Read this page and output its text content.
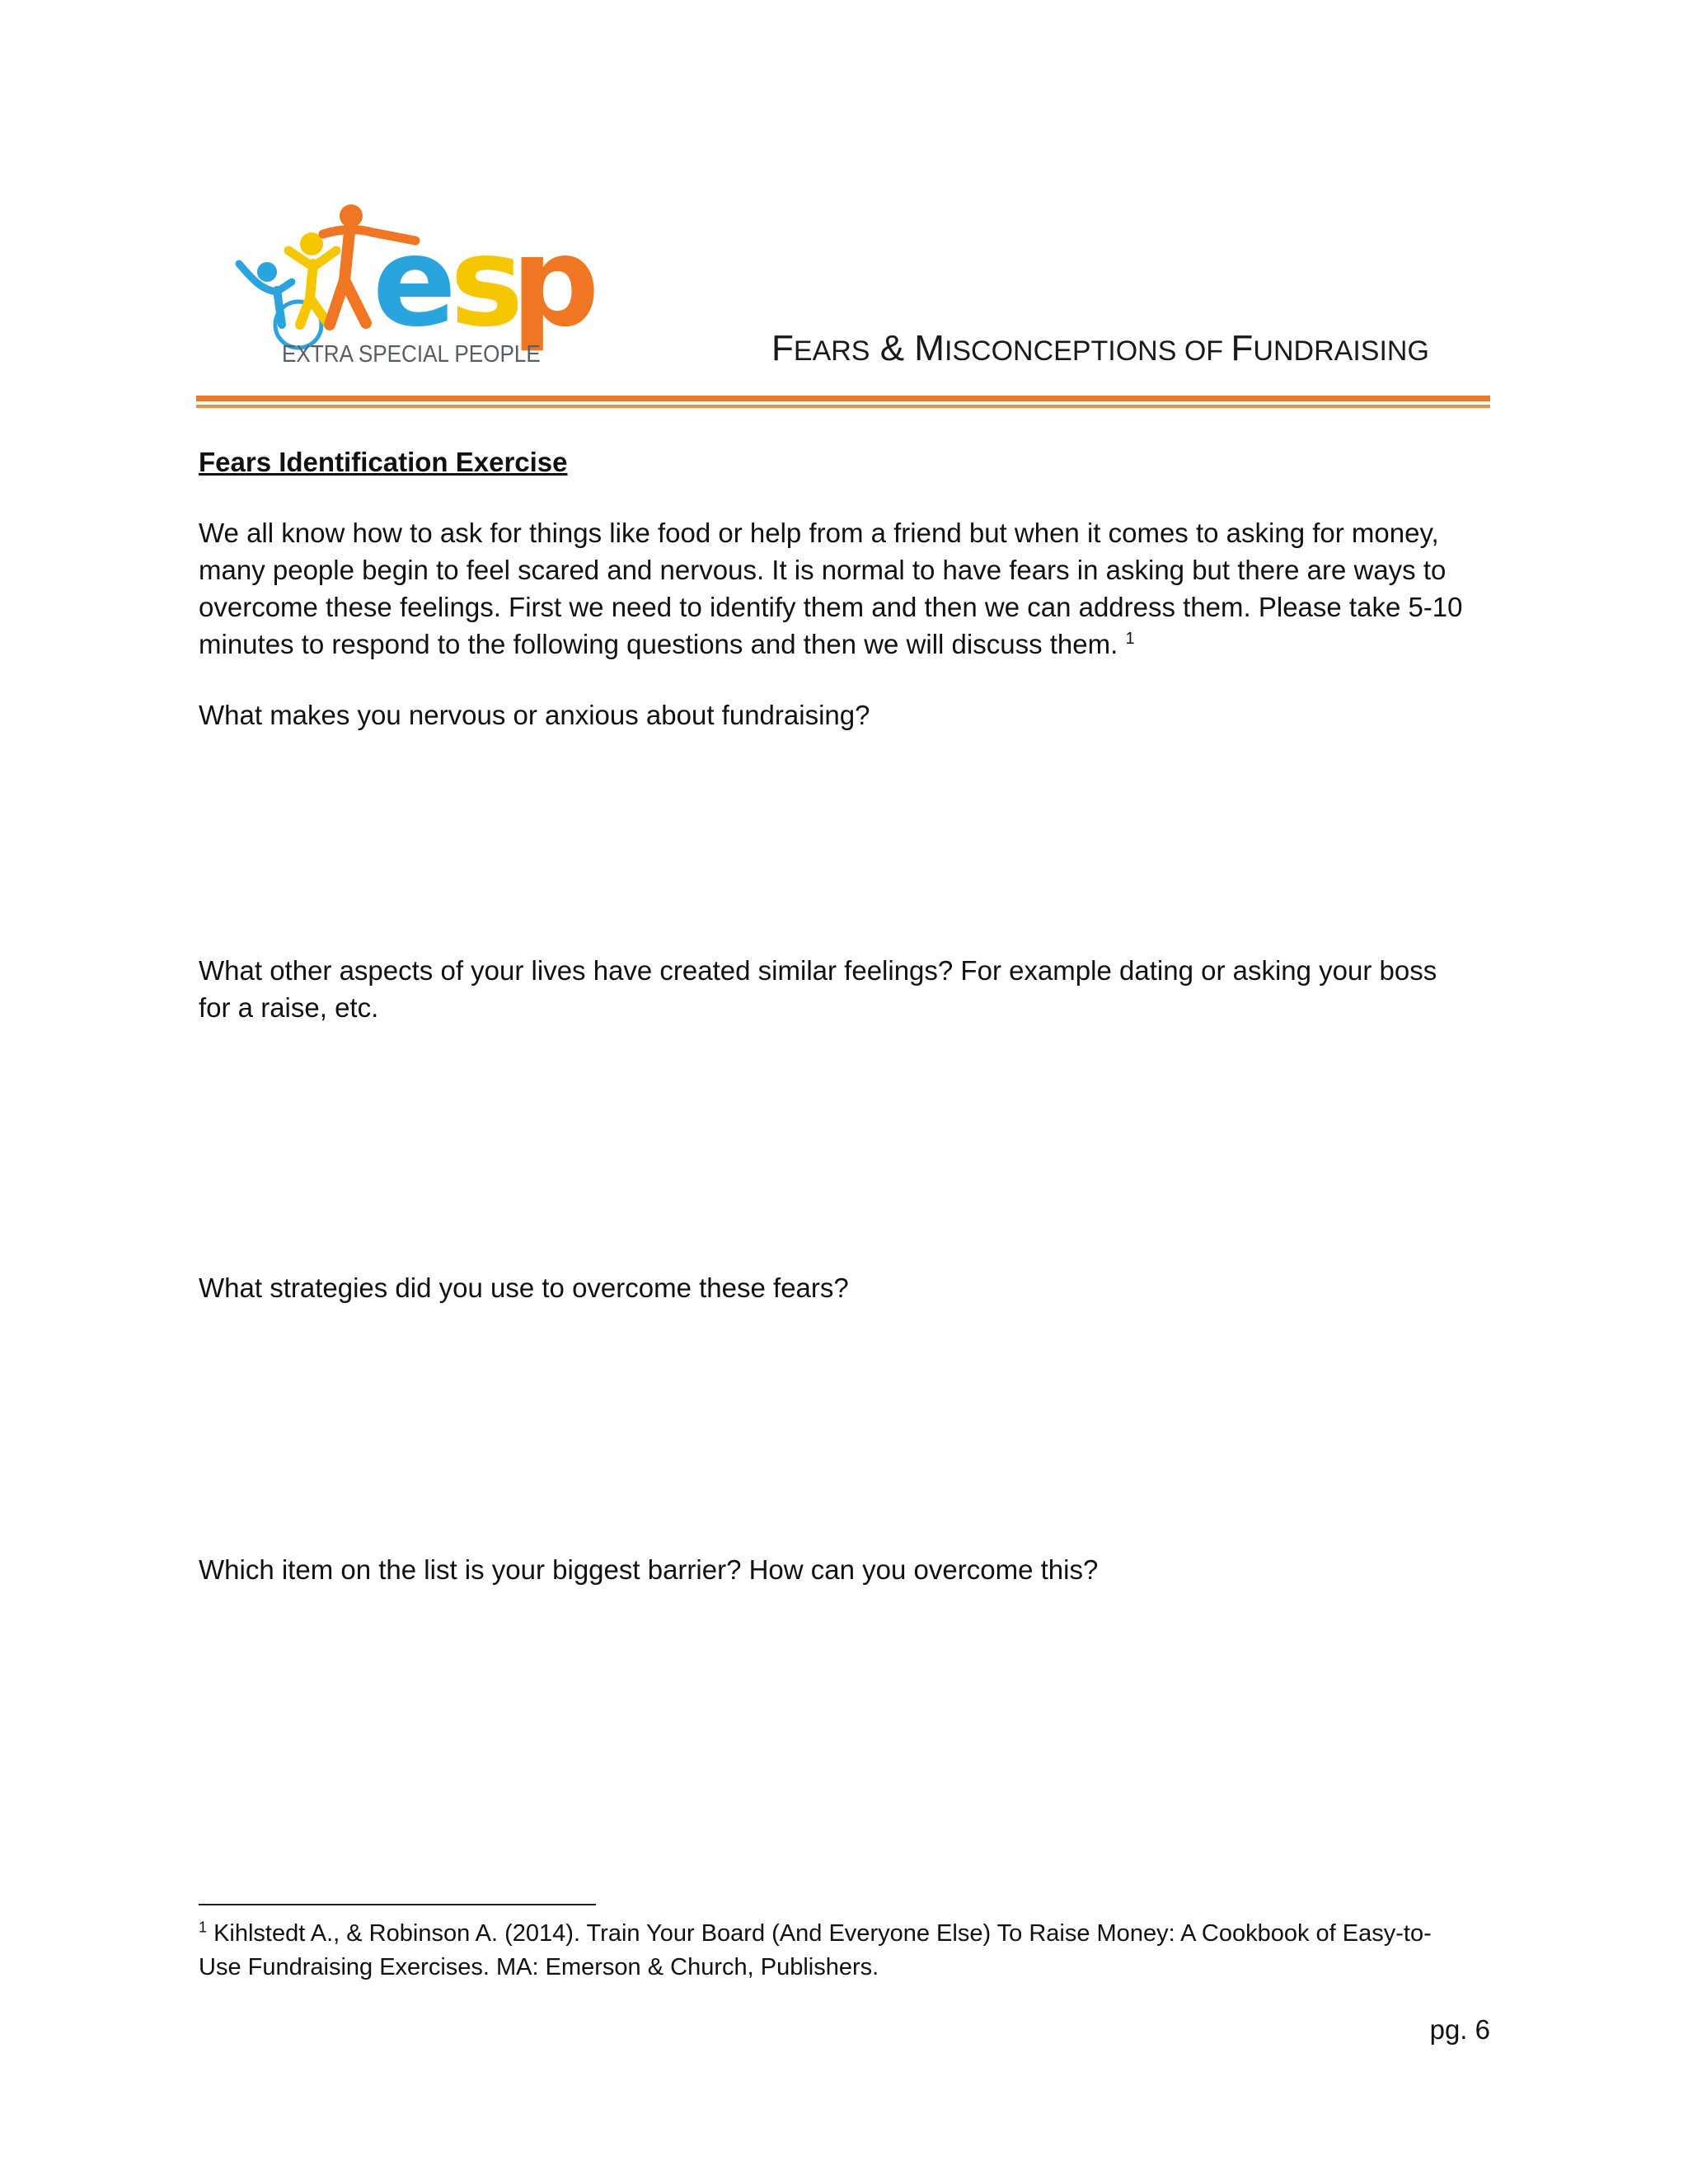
e
s
p
EXTRA SPECIAL PEOPLE	FEARS & MISCONCEPTIONS OF FUNDRAISING
Fears Identification Exercise
We all know how to ask for things like food or help from a friend but when it comes to asking for money,
many people begin to feel scared and nervous. It is normal to have fears in asking but there are ways to
overcome these feelings. First we need to identify them and then we can address them. Please take 5-10
minutes to respond to the following questions and then we will discuss them. $^1$
What makes you nervous or anxious about fundraising?
What other aspects of your lives have created similar feelings? For example dating or asking your boss
for a raise, etc.
What strategies did you use to overcome these fears?
Which item on the list is your biggest barrier? How can you overcome this?
$^1$ Kihlstedt A., & Robinson A. (2014). Train Your Board (And Everyone Else) To Raise Money: A Cookbook of Easy-to-
Use Fundraising Exercises. MA: Emerson & Church, Publishers.
pg. 6
